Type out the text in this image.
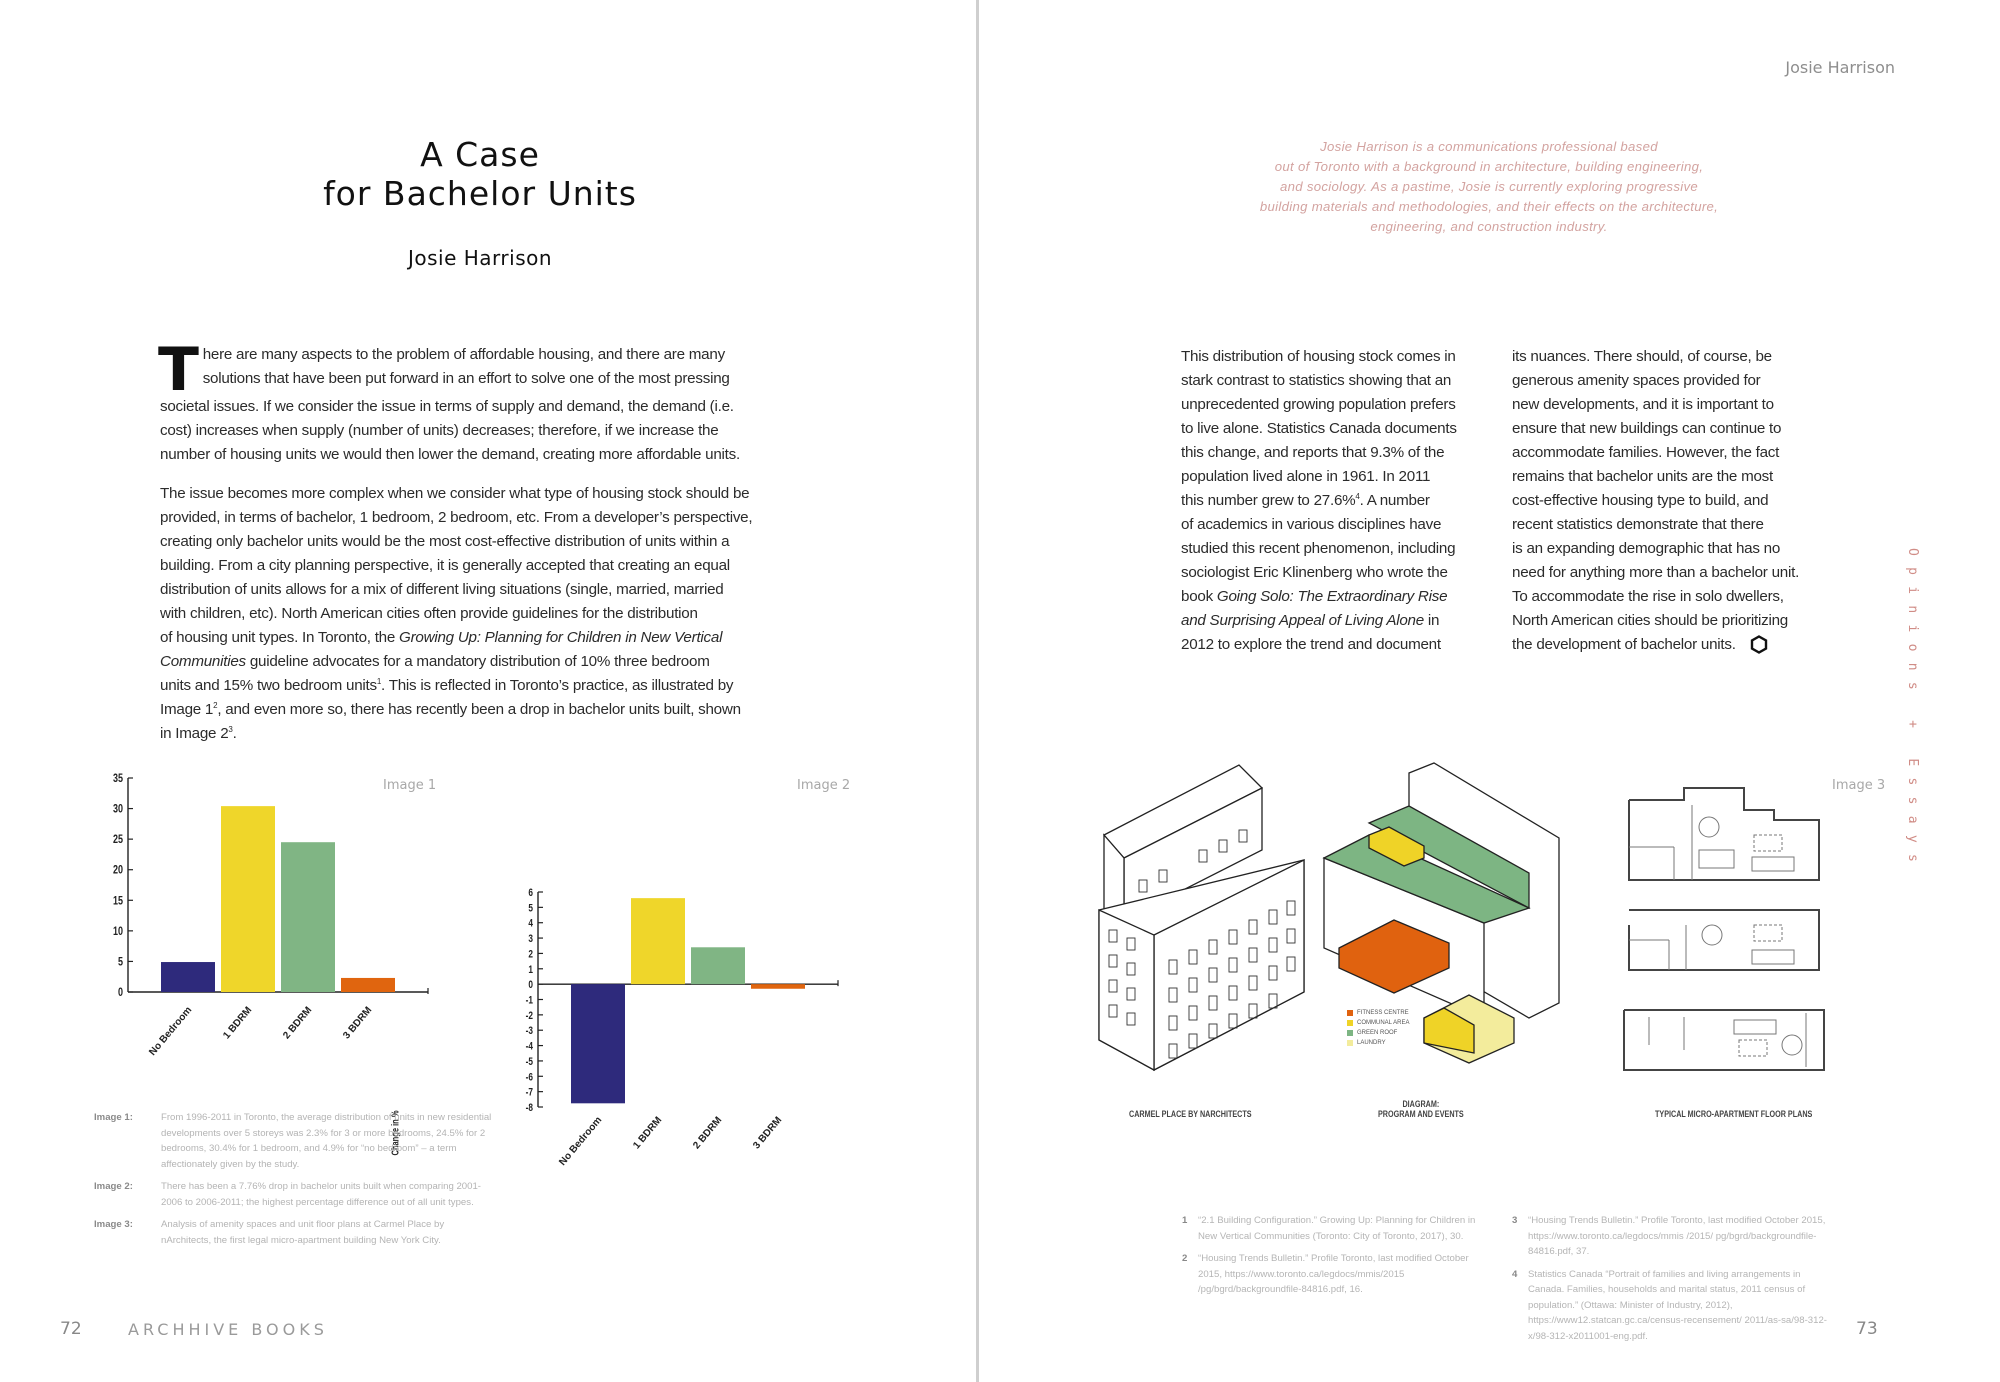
A Case
for Bachelor Units
Josie Harrison
T here are many aspects to the problem of affordable housing, and there are many
solutions that have been put forward in an effort to solve one of the most pressing
societal issues. If we consider the issue in terms of supply and demand, the demand (i.e.
cost) increases when supply (number of units) decreases; therefore, if we increase the
number of housing units we would then lower the demand, creating more affordable units.
The issue becomes more complex when we consider what type of housing stock should be
provided, in terms of bachelor, 1 bedroom, 2 bedroom, etc. From a developer’s perspective,
creating only bachelor units would be the most cost-effective distribution of units within a
building. From a city planning perspective, it is generally accepted that creating an equal
distribution of units allows for a mix of different living situations (single, married, married
with children, etc). North American cities often provide guidelines for the distribution
of housing unit types. In Toronto, the Growing Up: Planning for Children in New Vertical
Communities guideline advocates for a mandatory distribution of 10% three bedroom
units and 15% two bedroom units$^1$. This is reflected in Toronto’s practice, as illustrated by
Image $1^2$, and even more so, there has recently been a drop in bachelor units built, shown
in Image $2^3$.
Image 1	Image 2
0
5
10
15
20
25
30
35
No Bedroom	1 BDRM	2 BDRM	3 BDRM
6
5
4
3
2
1
0
-1
-2
-3
-4
-5
-6
-7
-8
Change in %	No Bedroom	1 BDRM	2 BDRM	3 BDRM
Image 1:	From 1996-2011 in Toronto, the average distribution of units in new residential developments over 5 storeys was 2.3% for 3 or more bedrooms, 24.5% for 2 bedrooms, 30.4% for 1 bedroom, and 4.9% for “no bedroom” – a term affectionately given by the study.
Image 2:	There has been a 7.76% drop in bachelor units built when comparing 2001-2006 to 2006-2011; the highest percentage difference out of all unit types.
Image 3:	Analysis of amenity spaces and unit floor plans at Carmel Place by nArchitects, the first legal micro-apartment building New York City.
72	ARCHHIVE BOOKS
Josie Harrison
Josie Harrison is a communications professional based
out of Toronto with a background in architecture, building engineering,
and sociology. As a pastime, Josie is currently exploring progressive
building materials and methodologies, and their effects on the architecture,
engineering, and construction industry.
This distribution of housing stock comes in
stark contrast to statistics showing that an
unprecedented growing population prefers
to live alone. Statistics Canada documents
this change, and reports that 9.3% of the
population lived alone in 1961. In 2011
this number grew to 27.6%$^4$. A number
of academics in various disciplines have
studied this recent phenomenon, including
sociologist Eric Klinenberg who wrote the
book Going Solo: The Extraordinary Rise
and Surprising Appeal of Living Alone in
2012 to explore the trend and document
its nuances. There should, of course, be
generous amenity spaces provided for
new developments, and it is important to
ensure that new buildings can continue to
accommodate families. However, the fact
remains that bachelor units are the most
cost-effective housing type to build, and
recent statistics demonstrate that there
is an expanding demographic that has no
need for anything more than a bachelor unit.
To accommodate the rise in solo dwellers,
North American cities should be prioritizing
the development of bachelor units.	Opinions + Essays
Image 3
FITNESS CENTRE
COMMUNAL AREA
GREEN ROOF
LAUNDRY
CARMEL PLACE BY NARCHITECTS
DIAGRAM:
PROGRAM AND EVENTS	TYPICAL MICRO-APARTMENT FLOOR PLANS
1	“2.1 Building Configuration.” Growing Up: Planning for Children in New Vertical Communities (Toronto: City of Toronto, 2017), 30.
2	“Housing Trends Bulletin.” Profile Toronto, last modified October 2015, https://www.toronto.ca/legdocs/mmis/2015 /pg/bgrd/backgroundfile-84816.pdf, 16.
3	“Housing Trends Bulletin.” Profile Toronto, last modified October 2015, https://www.toronto.ca/legdocs/mmis /2015/ pg/bgrd/backgroundfile-84816.pdf, 37.
4	Statistics Canada “Portrait of families and living arrangements in Canada. Families, households and marital status, 2011 census of population.” (Ottawa: Minister of Industry, 2012), https://www12.statcan.gc.ca/census-recensement/ 2011/as-sa/98-312-x/98-312-x2011001-eng.pdf.	73
